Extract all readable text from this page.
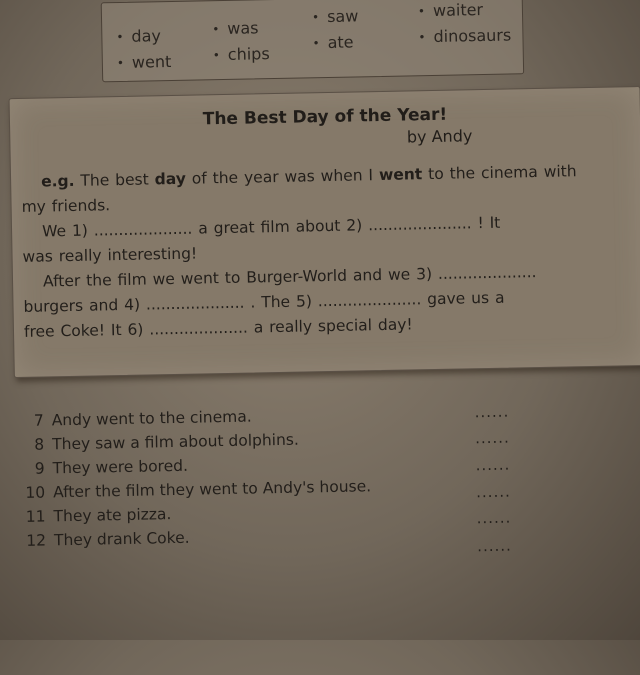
• day
• went
• was
• chips
• saw
• ate
• waiter
• dinosaurs
The Best Day of the Year!
by Andy
e.g. The best day of the year was when I went to the cinema with
my friends.
We 1) .................... a great film about 2) ..................... ! It
was really interesting!
After the film we went to Burger-World and we 3) ....................
burgers and 4) .................... . The 5) ..................... gave us a
free Coke! It 6) .................... a really special day!
7 Andy went to the cinema.	......
8 They saw a film about dolphins.	......
9 They were bored.	......
10 After the film they went to Andy's house.	......
11 They ate pizza.	......
12 They drank Coke.	......
